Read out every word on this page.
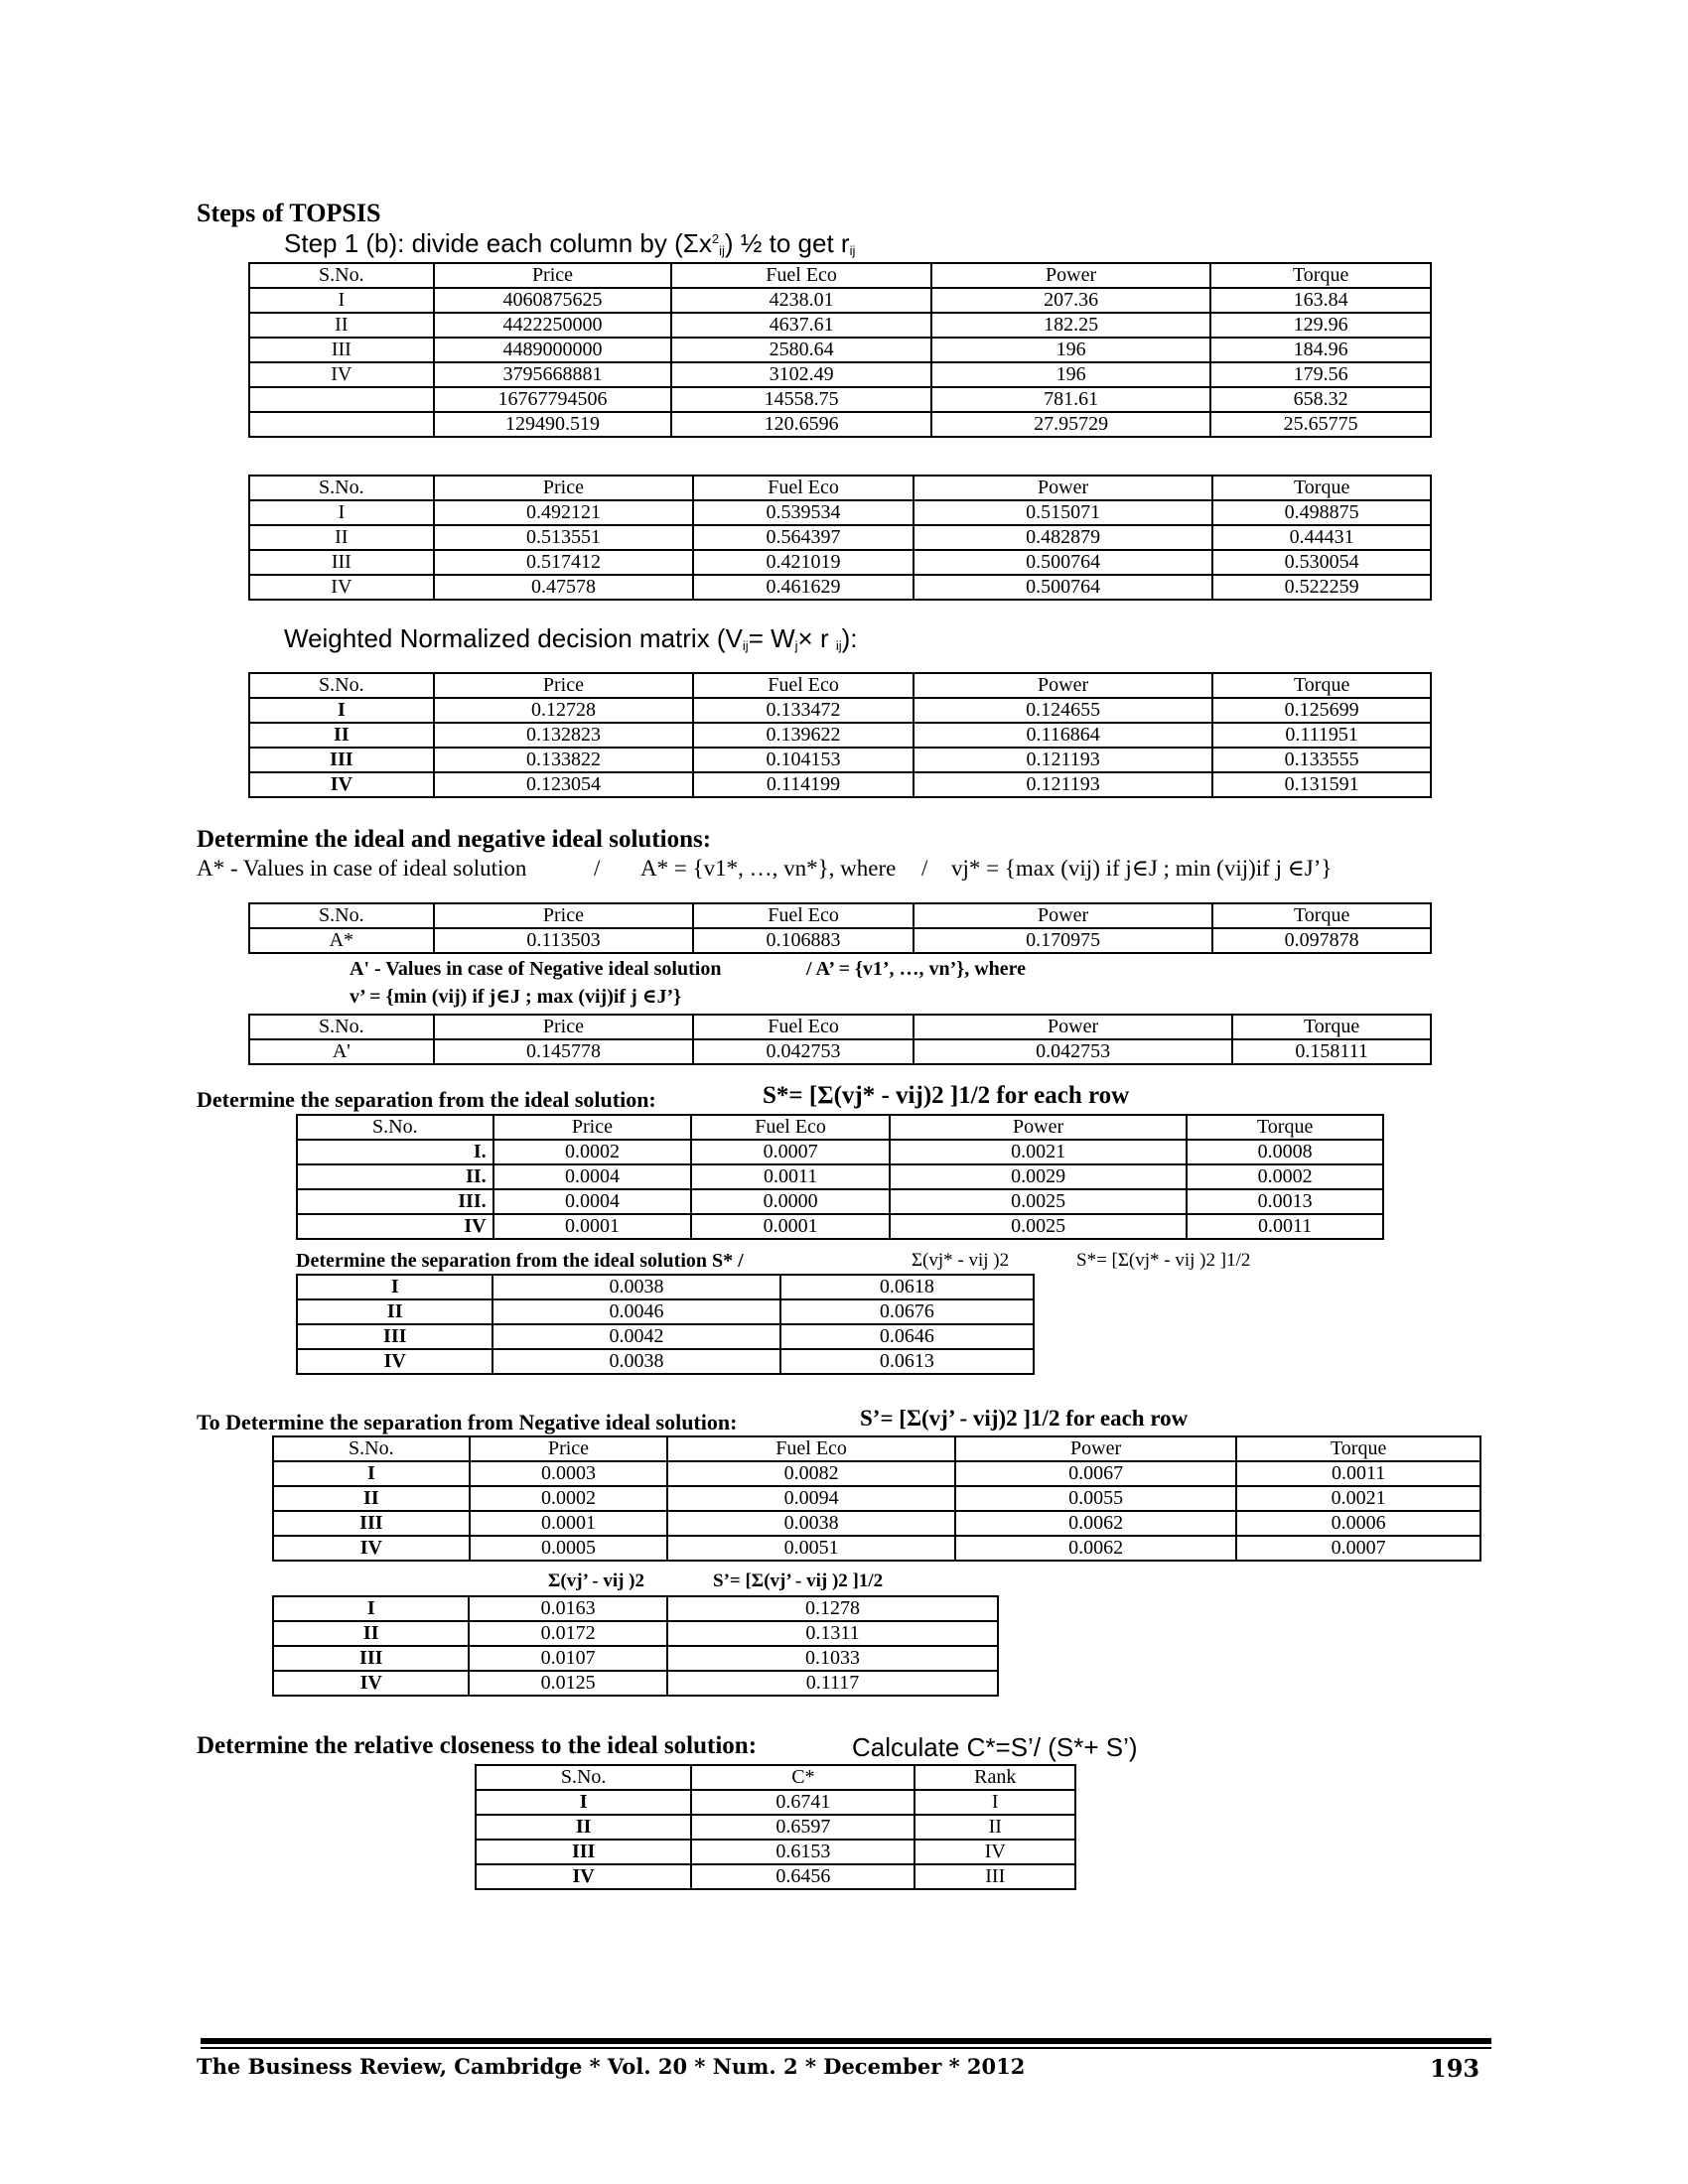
Steps of TOPSIS
Step 1 (b): divide each column by $(\Sigma x^2_{ij})$ ½ to get $r_{ij}$
S.No.	Price	Fuel Eco	Power	Torque
I	4060875625	4238.01	207.36	163.84
II	4422250000	4637.61	182.25	129.96
III	4489000000	2580.64	196	184.96
IV	3795668881	3102.49	196	179.56
	16767794506	14558.75	781.61	658.32
	129490.519	120.6596	27.95729	25.65775
S.No.	Price	Fuel Eco	Power	Torque
I	0.492121	0.539534	0.515071	0.498875
II	0.513551	0.564397	0.482879	0.44431
III	0.517412	0.421019	0.500764	0.530054
IV	0.47578	0.461629	0.500764	0.522259
Weighted Normalized decision matrix ($V_{ij}= W_j\times r$ $_{ij}$):
S.No.	Price	Fuel Eco	Power	Torque
I	0.12728	0.133472	0.124655	0.125699
II	0.132823	0.139622	0.116864	0.111951
III	0.133822	0.104153	0.121193	0.133555
IV	0.123054	0.114199	0.121193	0.131591
Determine the ideal and negative ideal solutions:
A* - Values in case of ideal solution	/ A* = {v1*, …, vn*}, where / vj* = {max (vij) if j∈J ; min (vij)if j ∈J’}
S.No.	Price	Fuel Eco	Power	Torque
A*	0.113503	0.106883	0.170975	0.097878
A' - Values in case of Negative ideal solution	/ A’ = {v1’, …, vn’}, where
v’ = {min (vij) if j∈J ; max (vij)if j ∈J’}
S.No.	Price	Fuel Eco	Power	Torque
A'	0.145778	0.042753	0.042753	0.158111
Determine the separation from the ideal solution:	S*= [Σ(vj* - vij)2 ]1/2 for each row
S.No.	Price	Fuel Eco	Power	Torque
I.	0.0002	0.0007	0.0021	0.0008
II.	0.0004	0.0011	0.0029	0.0002
III.	0.0004	0.0000	0.0025	0.0013
IV	0.0001	0.0001	0.0025	0.0011
Determine the separation from the ideal solution S* /	Σ(vj* - vij )2	S*= [Σ(vj* - vij )2 ]1/2
I	0.0038	0.0618
II	0.0046	0.0676
III	0.0042	0.0646
IV	0.0038	0.0613
To Determine the separation from Negative ideal solution:	S’= [Σ(vj’ - vij)2 ]1/2 for each row
S.No.	Price	Fuel Eco	Power	Torque
I	0.0003	0.0082	0.0067	0.0011
II	0.0002	0.0094	0.0055	0.0021
III	0.0001	0.0038	0.0062	0.0006
IV	0.0005	0.0051	0.0062	0.0007
Σ(vj’ - vij )2	S’= [Σ(vj’ - vij )2 ]1/2
I	0.0163	0.1278
II	0.0172	0.1311
III	0.0107	0.1033
IV	0.0125	0.1117
Determine the relative closeness to the ideal solution:	Calculate C*=S’/ (S*+ S’)
S.No.	C*	Rank
I	0.6741	I
II	0.6597	II
III	0.6153	IV
IV	0.6456	III
The Business Review, Cambridge * Vol. 20 * Num. 2 * December * 2012	193
